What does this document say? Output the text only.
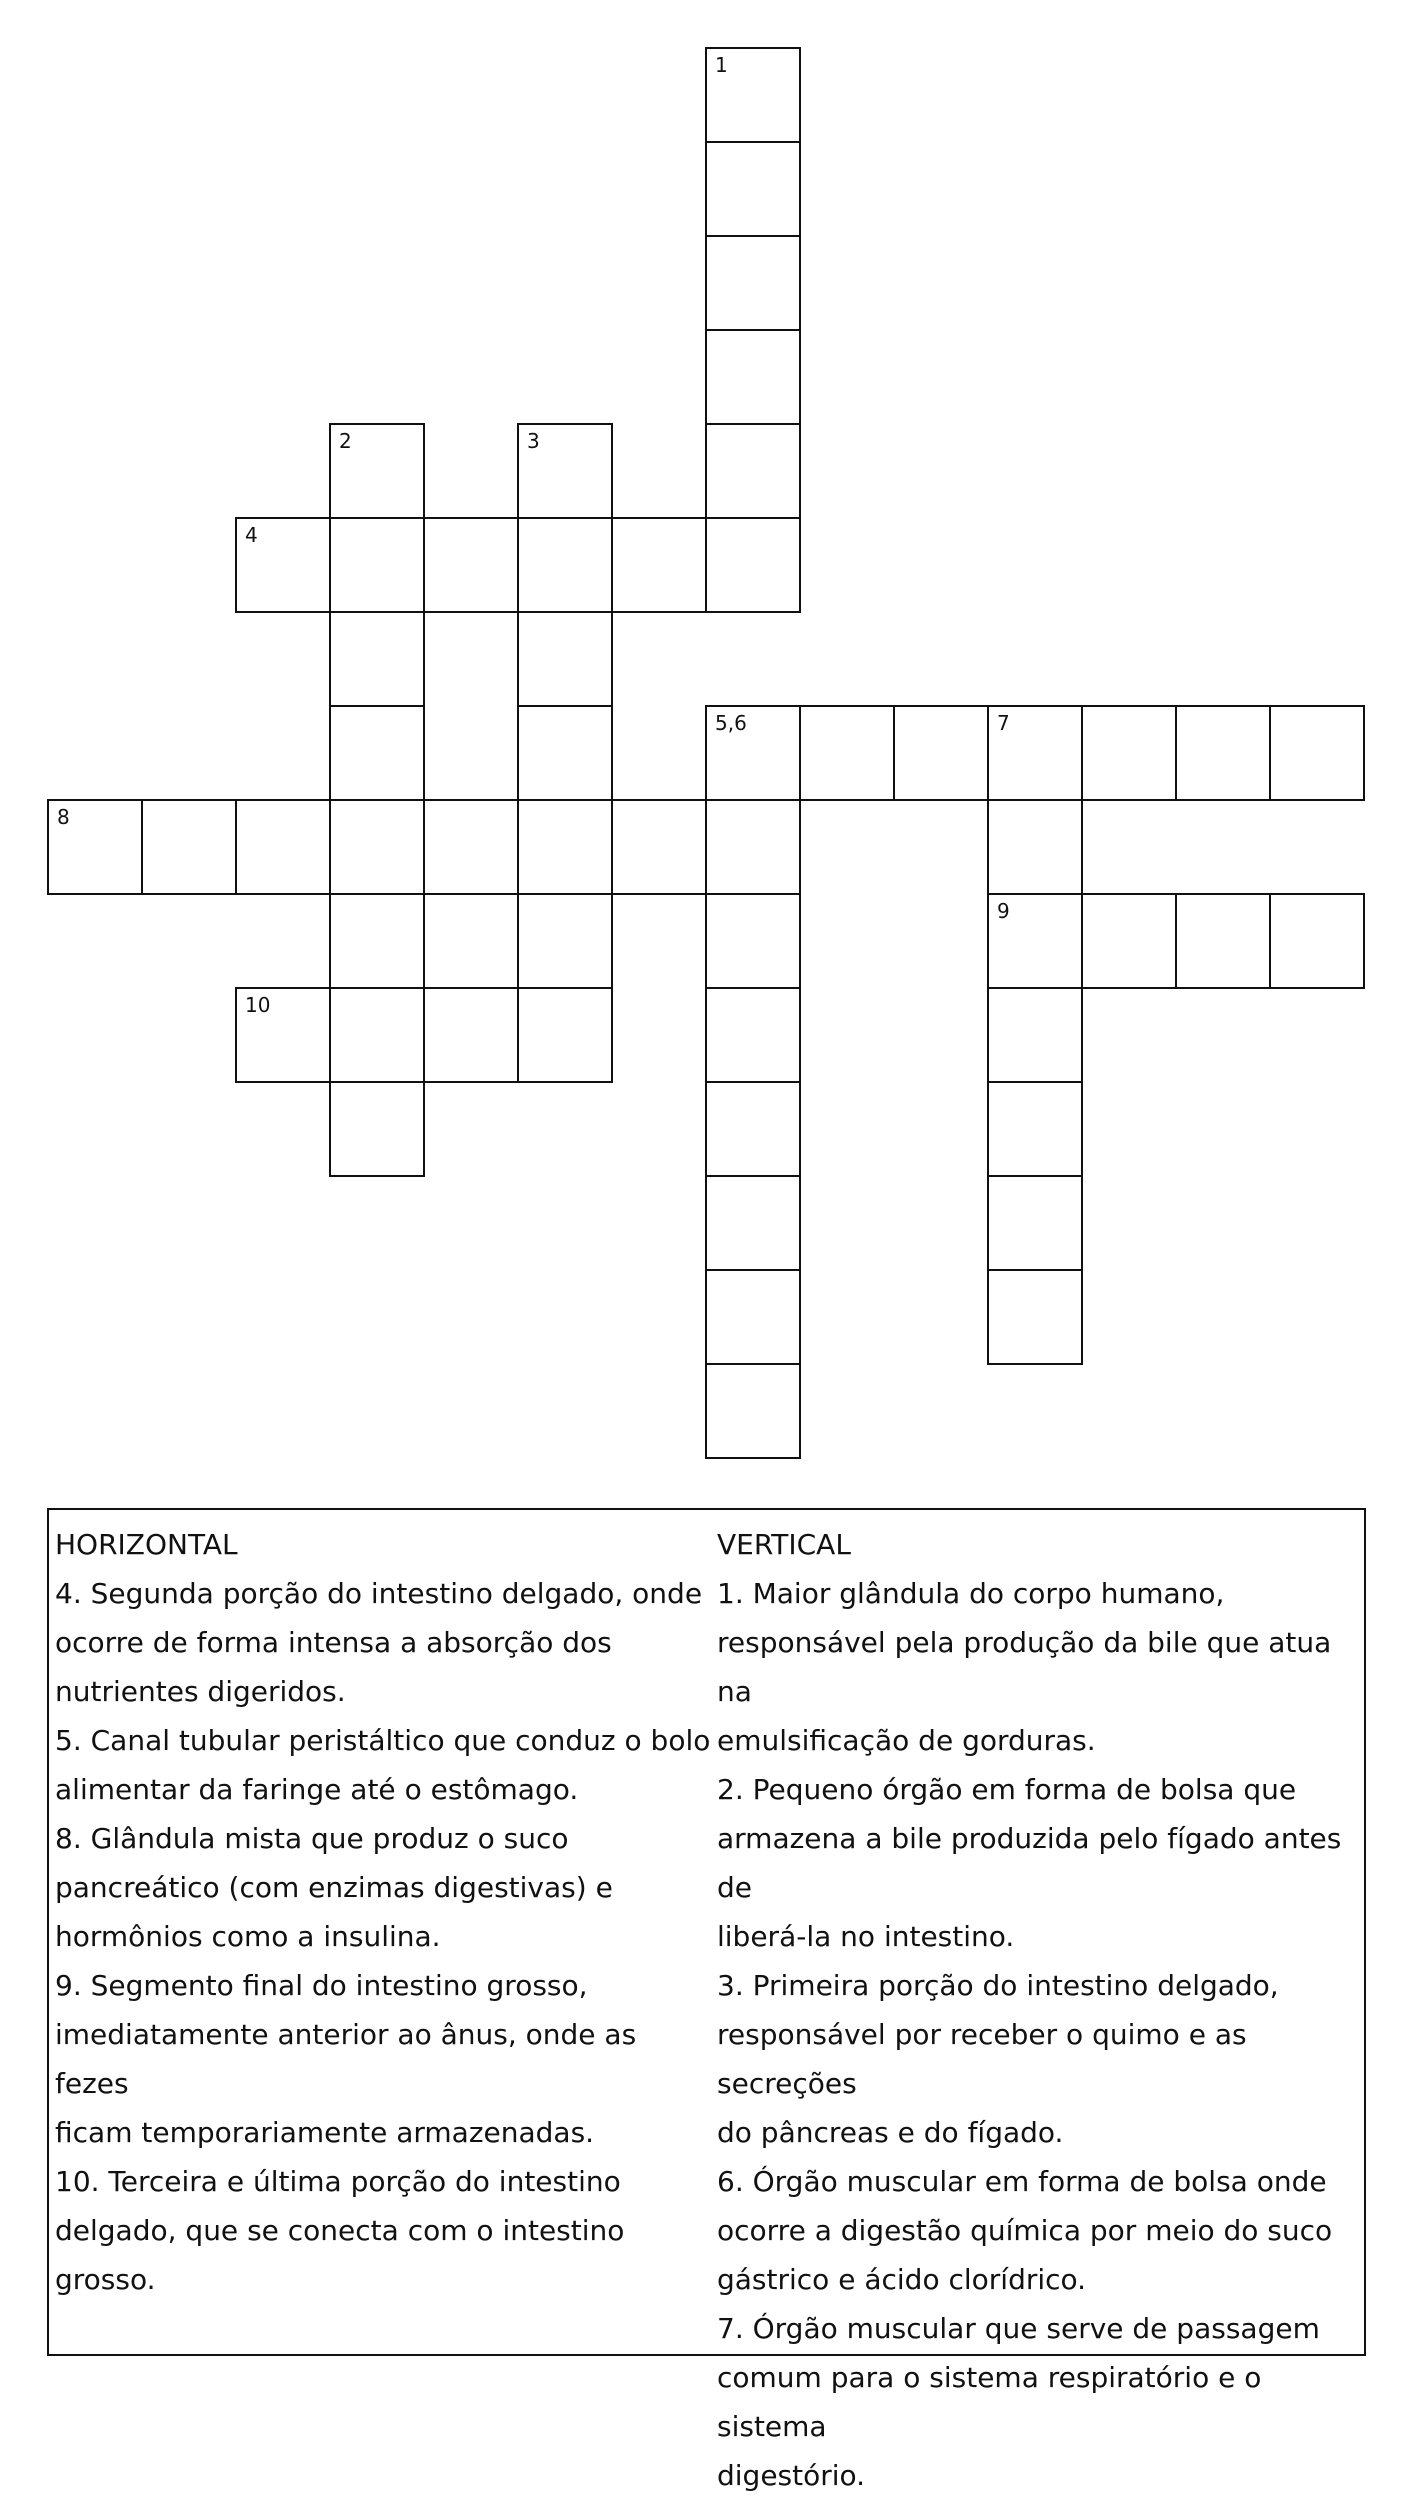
1
2	3
4
5,6	7
8
9
10
HORIZONTAL
4. Segunda porção do intestino delgado, onde
ocorre de forma intensa a absorção dos
nutrientes digeridos.
5. Canal tubular peristáltico que conduz o bolo
alimentar da faringe até o estômago.
8. Glândula mista que produz o suco
pancreático (com enzimas digestivas) e
hormônios como a insulina.
9. Segmento final do intestino grosso,
imediatamente anterior ao ânus, onde as fezes
ficam temporariamente armazenadas.
10. Terceira e última porção do intestino
delgado, que se conecta com o intestino grosso.
VERTICAL
1. Maior glândula do corpo humano,
responsável pela produção da bile que atua na
emulsificação de gorduras.
2. Pequeno órgão em forma de bolsa que
armazena a bile produzida pelo fígado antes de
liberá-la no intestino.
3. Primeira porção do intestino delgado,
responsável por receber o quimo e as secreções
do pâncreas e do fígado.
6. Órgão muscular em forma de bolsa onde
ocorre a digestão química por meio do suco
gástrico e ácido clorídrico.
7. Órgão muscular que serve de passagem
comum para o sistema respiratório e o sistema
digestório.
